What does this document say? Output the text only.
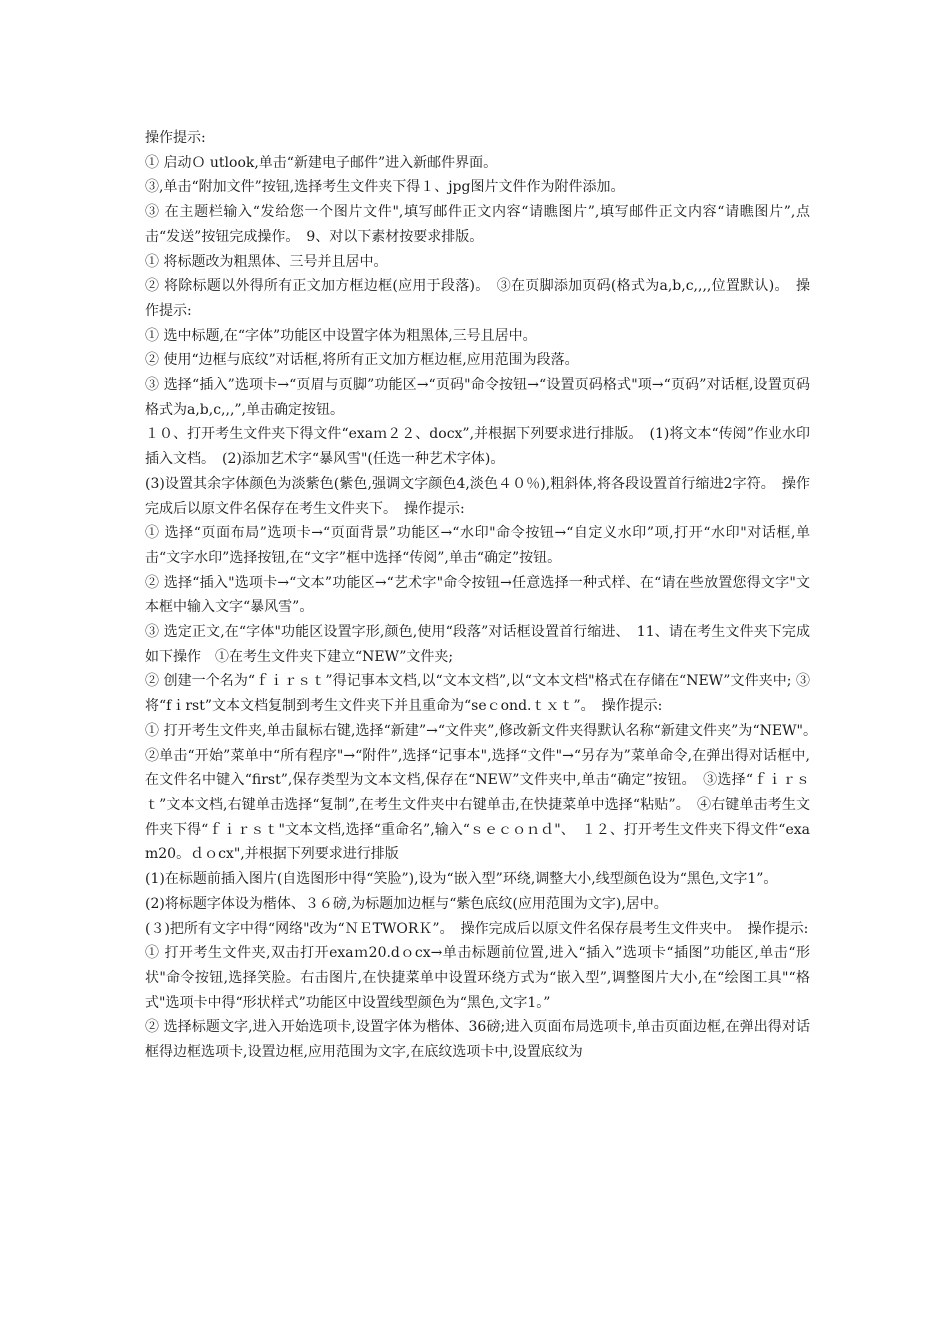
操作提示:

① 启动Ｏ utlook,单击“新建电子邮件”进入新邮件界面。

③,单击“附加文件”按钮,选择考生文件夹下得１、jpg图片文件作为附件添加。

③ 在主题栏输入“发给您一个图片文件",填写邮件正文内容“请瞧图片”,填写邮件正文内容“请瞧图片”,点击“发送”按钮完成操作。　9、对以下素材按要求排版。

① 将标题改为粗黑体、三号并且居中。

② 将除标题以外得所有正文加方框边框(应用于段落)。　③在页脚添加页码(格式为a,b,c,,,,位置默认)。　操作提示:

① 选中标题,在“字体”功能区中设置字体为粗黑体,三号且居中。

② 使用“边框与底纹”对话框,将所有正文加方框边框,应用范围为段落。

③ 选择“插入”选项卡→“页眉与页脚”功能区→“页码"命令按钮→“设置页码格式"项→“页码”对话框,设置页码格式为a,b,c,,,”,单击确定按钮。

１０、打开考生文件夹下得文件“exaｍ２２、docx”,并根据下列要求进行排版。　(1)将文本“传阅”作业水印插入文档。　(2)添加艺术字“暴风雪"(任选一种艺术字体)。

(3)设置其余字体颜色为淡紫色(紫色,强调文字颜色4,淡色４０％),粗斜体,将各段设置首行缩进2字符。　操作完成后以原文件名保存在考生文件夹下。　操作提示:

① 选择“页面布局”选项卡→“页面背景”功能区→“水印"命令按钮→“自定义水印”项,打开“水印"对话框,单击“文字水印”选择按钮,在“文字”框中选择“传阅”,单击“确定”按钮。

② 选择“插入"选项卡→“文本”功能区→“艺术字"命令按钮→任意选择一种式样、在“请在些放置您得文字"文本框中输入文字“暴风雪”。

③ 选定正文,在“字体"功能区设置字形,颜色,使用“段落”对话框设置首行缩进、　11、请在考生文件夹下完成如下操作　①在考生文件夹下建立“NEW”文件夹;

② 创建一个名为“ｆｉｒｓｔ”得记事本文档,以“文本文档”,以“文本文档"格式在存储在“NEW”文件夹中; ③ 将“fｉrst”文本文档复制到考生文件夹下并且重命为“seｃond.ｔｘｔ”。　操作提示:

① 打开考生文件夹,单击鼠标右键,选择“新建”→“文件夹”,修改新文件夹得默认名称“新建文件夹”为“NEW"。　②单击“开始”菜单中“所有程序"→“附件”,选择“记事本",选择“文件"→“另存为”菜单命令,在弹出得对话框中,在文件名中键入“first”,保存类型为文本文档,保存在“NEＷ”文件夹中,单击“确定”按钮。　③选择“ｆｉｒｓｔ”文本文档,右键单击选择“复制”,在考生文件夹中右键单击,在快捷菜单中选择“粘贴”。　④右键单击考生文件夹下得“ｆｉｒｓｔ"文本文档,选择“重命名”,输入“ｓｅｃｏｎｄ"、　１２、打开考生文件夹下得文件“exam20。ｄｏcx",并根据下列要求进行排版

(1)在标题前插入图片(自选图形中得“笑脸”),设为“嵌入型”环绕,调整大小,线型颜色设为“黑色,文字1”。

(2)将标题字体设为楷体、３６磅,为标题加边框与“紫色底纹(应用范围为文字),居中。

(３)把所有文字中得“网络"改为“ＮＥTWORＫ”。　操作完成后以原文件名保存晨考生文件夹中。　操作提示:

① 打开考生文件夹,双击打开exaｍ20.dｏcx→单击标题前位置,进入“插入”选项卡“插图”功能区,单击“形状"命令按钮,选择笑脸。右击图片,在快捷菜单中设置环绕方式为“嵌入型”,调整图片大小,在“绘图工具"“格式"选项卡中得“形状样式”功能区中设置线型颜色为“黑色,文字1。”

② 选择标题文字,进入开始选项卡,设置字体为楷体、36磅;进入页面布局选项卡,单击页面边框,在弹出得对话框得边框选项卡,设置边框,应用范围为文字,在底纹选项卡中,设置底纹为
